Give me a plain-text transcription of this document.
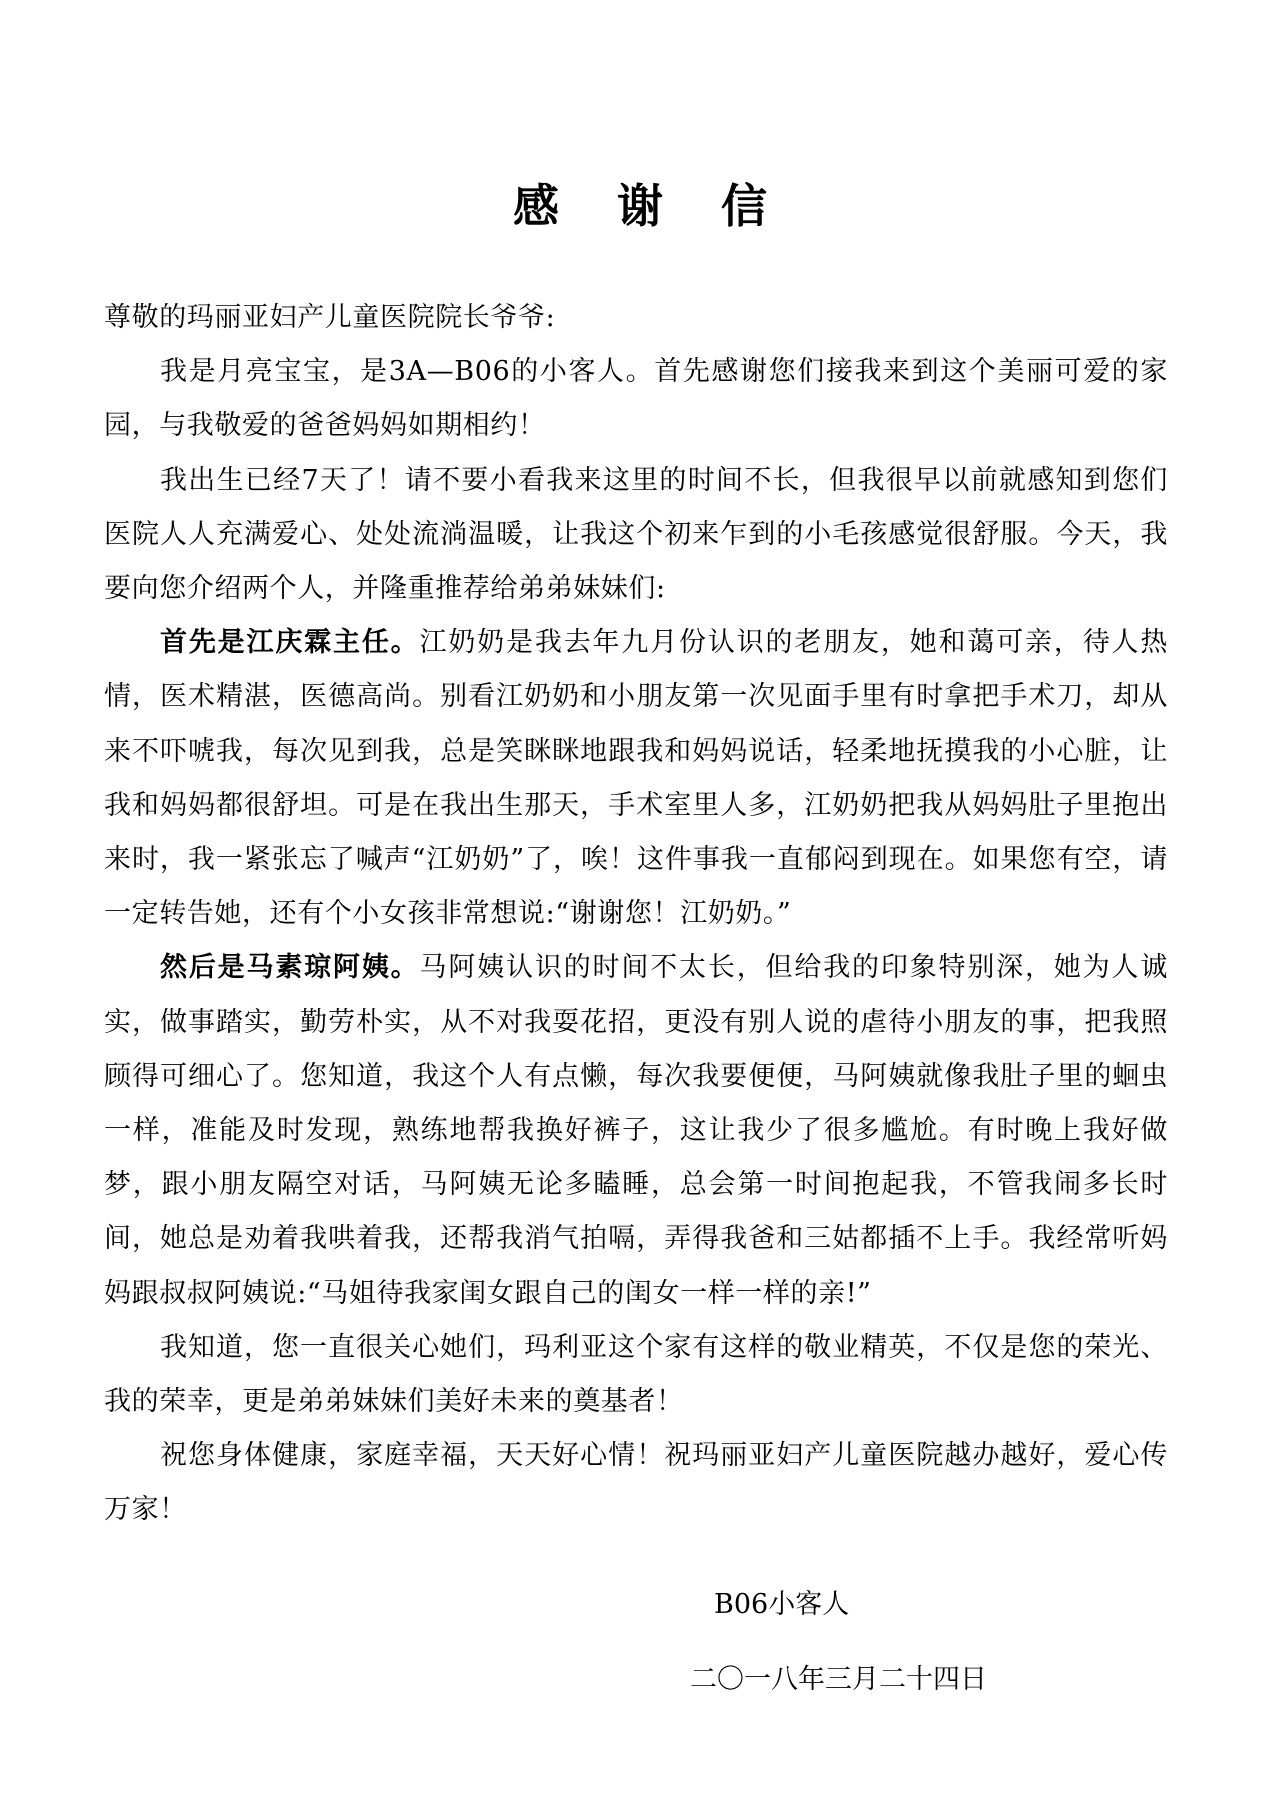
感谢信

尊敬的玛丽亚妇产儿童医院院长爷爷:

我是月亮宝宝，是3A—B06的小客人。首先感谢您们接我来到这个美丽可爱的家园，与我敬爱的爸爸妈妈如期相约！

我出生已经7天了！请不要小看我来这里的时间不长，但我很早以前就感知到您们医院人人充满爱心、处处流淌温暖，让我这个初来乍到的小毛孩感觉很舒服。今天，我要向您介绍两个人，并隆重推荐给弟弟妹妹们:

首先是江庆霖主任。江奶奶是我去年九月份认识的老朋友，她和蔼可亲，待人热情，医术精湛，医德高尚。别看江奶奶和小朋友第一次见面手里有时拿把手术刀，却从来不吓唬我，每次见到我，总是笑眯眯地跟我和妈妈说话，轻柔地抚摸我的小心脏，让我和妈妈都很舒坦。可是在我出生那天，手术室里人多，江奶奶把我从妈妈肚子里抱出来时，我一紧张忘了喊声“江奶奶”了，唉！这件事我一直郁闷到现在。如果您有空，请一定转告她，还有个小女孩非常想说:“谢谢您！江奶奶。”

然后是马素琼阿姨。马阿姨认识的时间不太长，但给我的印象特别深，她为人诚实，做事踏实，勤劳朴实，从不对我耍花招，更没有别人说的虐待小朋友的事，把我照顾得可细心了。您知道，我这个人有点懒，每次我要便便，马阿姨就像我肚子里的蛔虫一样，准能及时发现，熟练地帮我换好裤子，这让我少了很多尴尬。有时晚上我好做梦，跟小朋友隔空对话，马阿姨无论多瞌睡，总会第一时间抱起我，不管我闹多长时间，她总是劝着我哄着我，还帮我消气拍嗝，弄得我爸和三姑都插不上手。我经常听妈妈跟叔叔阿姨说:“马姐待我家闺女跟自己的闺女一样一样的亲!”

我知道，您一直很关心她们，玛利亚这个家有这样的敬业精英，不仅是您的荣光、我的荣幸，更是弟弟妹妹们美好未来的奠基者！

祝您身体健康，家庭幸福，天天好心情！祝玛丽亚妇产儿童医院越办越好，爱心传万家！

B06小客人
二〇一八年三月二十四日
